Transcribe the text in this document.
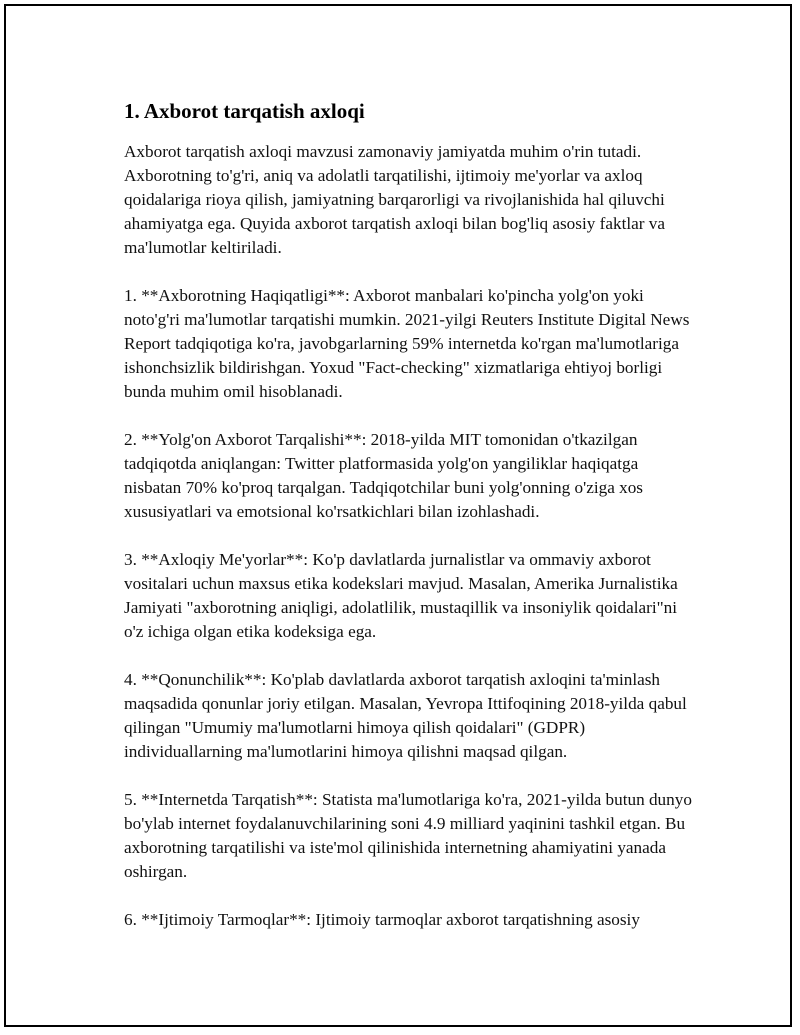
1. Axborot tarqatish axloqi

Axborot tarqatish axloqi mavzusi zamonaviy jamiyatda muhim o'rin tutadi. Axborotning to'g'ri, aniq va adolatli tarqatilishi, ijtimoiy me'yorlar va axloq qoidalariga rioya qilish, jamiyatning barqarorligi va rivojlanishida hal qiluvchi ahamiyatga ega. Quyida axborot tarqatish axloqi bilan bog'liq asosiy faktlar va ma'lumotlar keltiriladi.

1. **Axborotning Haqiqatligi**: Axborot manbalari ko'pincha yolg'on yoki noto'g'ri ma'lumotlar tarqatishi mumkin. 2021-yilgi Reuters Institute Digital News Report tadqiqotiga ko'ra, javobgarlarning 59% internetda ko'rgan ma'lumotlariga ishonchsizlik bildirishgan. Yoxud "Fact-checking" xizmatlariga ehtiyoj borligi bunda muhim omil hisoblanadi.

2. **Yolg'on Axborot Tarqalishi**: 2018-yilda MIT tomonidan o'tkazilgan tadqiqotda aniqlangan: Twitter platformasida yolg'on yangiliklar haqiqatga nisbatan 70% ko'proq tarqalgan. Tadqiqotchilar buni yolg'onning o'ziga xos xususiyatlari va emotsional ko'rsatkichlari bilan izohlashadi.

3. **Axloqiy Me'yorlar**: Ko'p davlatlarda jurnalistlar va ommaviy axborot vositalari uchun maxsus etika kodekslari mavjud. Masalan, Amerika Jurnalistika Jamiyati "axborotning aniqligi, adolatlilik, mustaqillik va insoniylik qoidalari"ni o'z ichiga olgan etika kodeksiga ega.

4. **Qonunchilik**: Ko'plab davlatlarda axborot tarqatish axloqini ta'minlash maqsadida qonunlar joriy etilgan. Masalan, Yevropa Ittifoqining 2018-yilda qabul qilingan "Umumiy ma'lumotlarni himoya qilish qoidalari" (GDPR) individuallarning ma'lumotlarini himoya qilishni maqsad qilgan.

5. **Internetda Tarqatish**: Statista ma'lumotlariga ko'ra, 2021-yilda butun dunyo bo'ylab internet foydalanuvchilarining soni 4.9 milliard yaqinini tashkil etgan. Bu axborotning tarqatilishi va iste'mol qilinishida internetning ahamiyatini yanada oshirgan.

6. **Ijtimoiy Tarmoqlar**: Ijtimoiy tarmoqlar axborot tarqatishning asosiy
